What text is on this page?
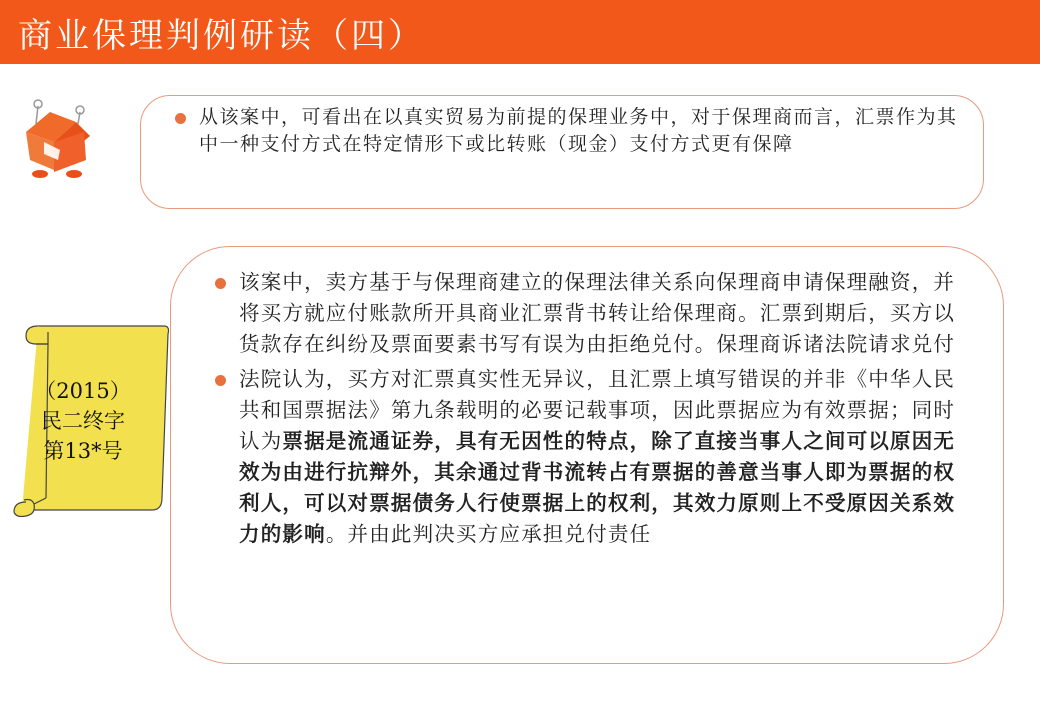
商业保理判例研读（四）
从该案中，可看出在以真实贸易为前提的保理业务中，对于保理商而言，汇票作为其中一种支付方式在特定情形下或比转账（现金）支付方式更有保障
（2015）
民二终字
第13*号
该案中，卖方基于与保理商建立的保理法律关系向保理商申请保理融资，并将买方就应付账款所开具商业汇票背书转让给保理商。汇票到期后，买方以货款存在纠纷及票面要素书写有误为由拒绝兑付。保理商诉诸法院请求兑付
法院认为，买方对汇票真实性无异议，且汇票上填写错误的并非《中华人民共和国票据法》第九条载明的必要记载事项，因此票据应为有效票据；同时认为票据是流通证券，具有无因性的特点，除了直接当事人之间可以原因无效为由进行抗辩外，其余通过背书流转占有票据的善意当事人即为票据的权利人，可以对票据债务人行使票据上的权利，其效力原则上不受原因关系效力的影响。并由此判决买方应承担兑付责任
